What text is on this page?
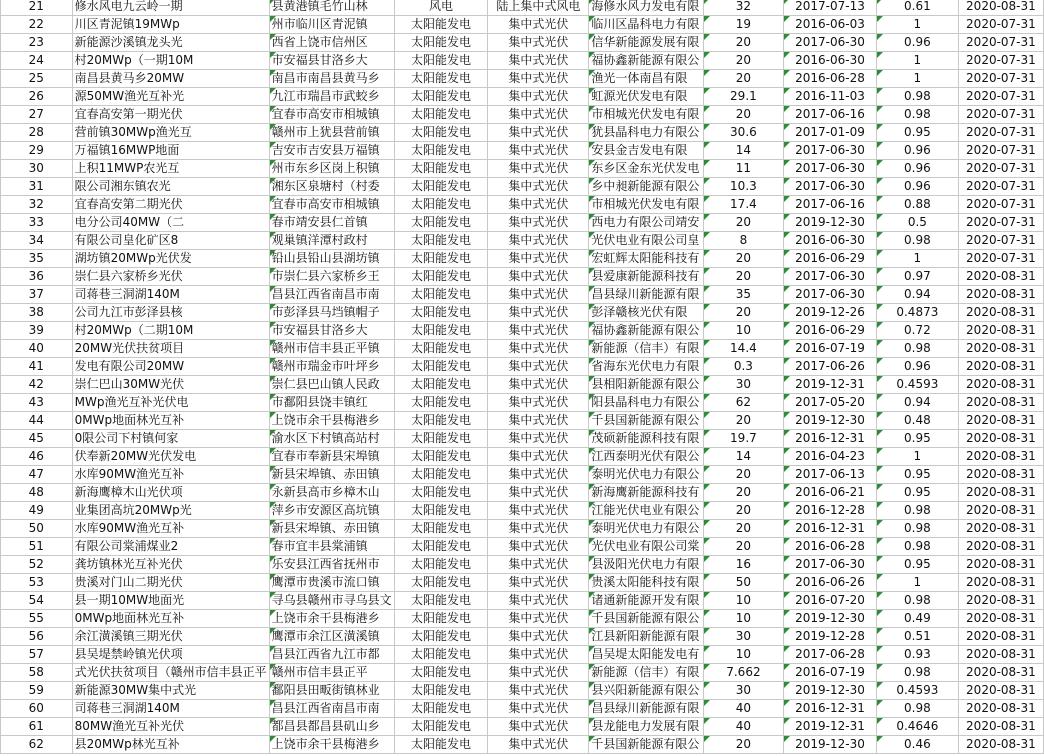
21	修水风电九云岭一期	县黄港镇毛竹山林	风电	陆上集中式风电	海修水风力发电有限	32	2017-07-13	0.61	2020-08-31
22	川区青泥镇19MWp	州市临川区青泥镇	太阳能发电	集中式光伏	临川区晶科电力有限	19	2016-06-03	1	2020-07-31
23	新能源沙溪镇龙头光	西省上饶市信州区	太阳能发电	集中式光伏	信华新能源发展有限	20	2017-06-30	0.96	2020-07-31
24	村20MWp（一期10M	市安福县甘洛乡大	太阳能发电	集中式光伏	福协鑫新能源有限公	20	2016-06-30	1	2020-07-31
25	南昌县黄马乡20MW	南昌市南昌县黄马乡	太阳能发电	集中式光伏	渔光一体南昌有限	20	2016-06-28	1	2020-07-31
26	源50MW渔光互补光	九江市瑞昌市武蛟乡	太阳能发电	集中式光伏	虹源光伏发电有限	29.1	2016-11-03	0.98	2020-07-31
27	宜春高安第一期光伏	宜春市高安市相城镇	太阳能发电	集中式光伏	市相城光伏发电有限	20	2017-06-16	0.98	2020-07-31
28	营前镇30MWp渔光互	赣州市上犹县营前镇	太阳能发电	集中式光伏	犹县晶科电力有限公	30.6	2017-01-09	0.95	2020-07-31
29	万福镇16MWP地面	吉安市吉安县万福镇	太阳能发电	集中式光伏	安县金吉发电有限	14	2017-06-30	0.96	2020-07-31
30	上积11MWP农光互	州市东乡区岗上积镇	太阳能发电	集中式光伏	东乡区金东光伏发电	11	2017-06-30	0.96	2020-07-31
31	限公司湘东镇农光	湘东区泉塘村（村委	太阳能发电	集中式光伏	乡中昶新能源有限公	10.3	2017-06-30	0.96	2020-07-31
32	宜春高安第二期光伏	宜春市高安市相城镇	太阳能发电	集中式光伏	市相城光伏发电有限	17.4	2017-06-16	0.88	2020-07-31
33	电分公司40MW（二	春市靖安县仁首镇	太阳能发电	集中式光伏	西电力有限公司靖安	20	2019-12-30	0.5	2020-07-31
34	有限公司皇化矿区8	观巢镇洋潭村政村	太阳能发电	集中式光伏	光伏电业有限公司皇	8	2016-06-30	0.98	2020-07-31
35	湖坊镇20MWp光伏发	铅山县铅山县湖坊镇	太阳能发电	集中式光伏	宏虹辉太阳能科技有	20	2016-06-29	1	2020-07-31
36	崇仁县六家桥乡光伏	市崇仁县六家桥乡王	太阳能发电	集中式光伏	县爱康新能源科技有	20	2017-06-30	0.97	2020-08-31
37	司蒋巷三洞湖140M	昌县江西省南昌市南	太阳能发电	集中式光伏	昌县绿川新能源有限	35	2017-06-30	0.94	2020-08-31
38	公司九江市彭泽县核	市彭泽县马垱镇帽子	太阳能发电	集中式光伏	彭泽赣核光伏有限	20	2019-12-26	0.4873	2020-08-31
39	村20MWp（二期10M	市安福县甘洛乡大	太阳能发电	集中式光伏	福协鑫新能源有限公	10	2016-06-29	0.72	2020-08-31
40	20MW光伏扶贫项目	赣州市信丰县正平镇	太阳能发电	集中式光伏	新能源（信丰）有限	14.4	2016-07-19	0.98	2020-08-31
41	发电有限公司20MW	赣州市瑞金市叶坪乡	太阳能发电	集中式光伏	省海东光伏电力有限	0.3	2017-06-26	0.96	2020-08-31
42	崇仁巴山30MW光伏	崇仁县巴山镇人民政	太阳能发电	集中式光伏	县相阳新能源有限公	30	2019-12-31	0.4593	2020-08-31
43	MWp渔光互补光伏电	市鄱阳县饶丰镇红	太阳能发电	集中式光伏	阳县晶科电力有限公	62	2017-05-20	0.94	2020-08-31
44	0MWp地面林光互补	上饶市余干县梅港乡	太阳能发电	集中式光伏	千县国新能源有限公	20	2019-12-30	0.48	2020-08-31
45	0限公司下村镇何家	渝水区下村镇高站村	太阳能发电	集中式光伏	茂硕新能源科技有限	19.7	2016-12-31	0.95	2020-08-31
46	伏奉新20MW光伏发电	宜春市奉新县宋埠镇	太阳能发电	集中式光伏	江西泰明光伏有限公	14	2016-04-23	1	2020-08-31
47	水库90MW渔光互补	新县宋埠镇、赤田镇	太阳能发电	集中式光伏	泰明光伏电力有限公	20	2017-06-13	0.95	2020-08-31
48	新海鹰樟木山光伏项	永新县高市乡樟木山	太阳能发电	集中式光伏	新海鹰新能源科技有	20	2016-06-21	0.95	2020-08-31
49	业集团高坑20MWp光	萍乡市安源区高坑镇	太阳能发电	集中式光伏	江能光伏电业有限公	20	2016-12-28	0.98	2020-08-31
50	水库90MW渔光互补	新县宋埠镇、赤田镇	太阳能发电	集中式光伏	泰明光伏电力有限公	20	2016-12-31	0.98	2020-08-31
51	有限公司棠浦煤业2	春市宜丰县棠浦镇	太阳能发电	集中式光伏	光伏电业有限公司棠	20	2016-06-28	0.98	2020-08-31
52	龚坊镇林光互补光伏	乐安县江西省抚州市	太阳能发电	集中式光伏	县汲阳光伏电力有限	16	2017-06-30	0.95	2020-08-31
53	贵溪对门山二期光伏	鹰潭市贵溪市流口镇	太阳能发电	集中式光伏	贵溪太阳能科技有限	50	2016-06-26	1	2020-08-31
54	县一期10MW地面光	寻乌县赣州市寻乌县文	太阳能发电	集中式光伏	诸通新能源开发有限	10	2016-07-20	0.98	2020-08-31
55	0MWp地面林光互补	上饶市余干县梅港乡	太阳能发电	集中式光伏	千县国新能源有限公	10	2019-12-30	0.49	2020-08-31
56	余江潢溪镇三期光伏	鹰潭市余江区潢溪镇	太阳能发电	集中式光伏	江县新阳新能源有限	30	2019-12-28	0.51	2020-08-31
57	县吴堤禁岭镇光伏项	昌县江西省九江市都	太阳能发电	集中式光伏	昌吴堤太阳能发电有	10	2017-06-28	0.93	2020-08-31
58	式光伏扶贫项目（赣州市信丰县正平	赣州市信丰县正平	太阳能发电	集中式光伏	新能源（信丰）有限	7.662	2016-07-19	0.98	2020-08-31
59	新能源30MW集中式光	鄱阳县田畈街镇林业	太阳能发电	集中式光伏	县兴阳新能源有限公	30	2019-12-30	0.4593	2020-08-31
60	司蒋巷三洞湖140M	昌县江西省南昌市南	太阳能发电	集中式光伏	昌县绿川新能源有限	40	2016-12-31	0.98	2020-08-31
61	80MW渔光互补光伏	都昌县都昌县矶山乡	太阳能发电	集中式光伏	县龙能电力发展有限	40	2019-12-31	0.4646	2020-08-31
62	县20MWp林光互补	上饶市余干县梅港乡	太阳能发电	集中式光伏	千县国新能源有限公	20	2019-12-30	0.46	2020-08-31
